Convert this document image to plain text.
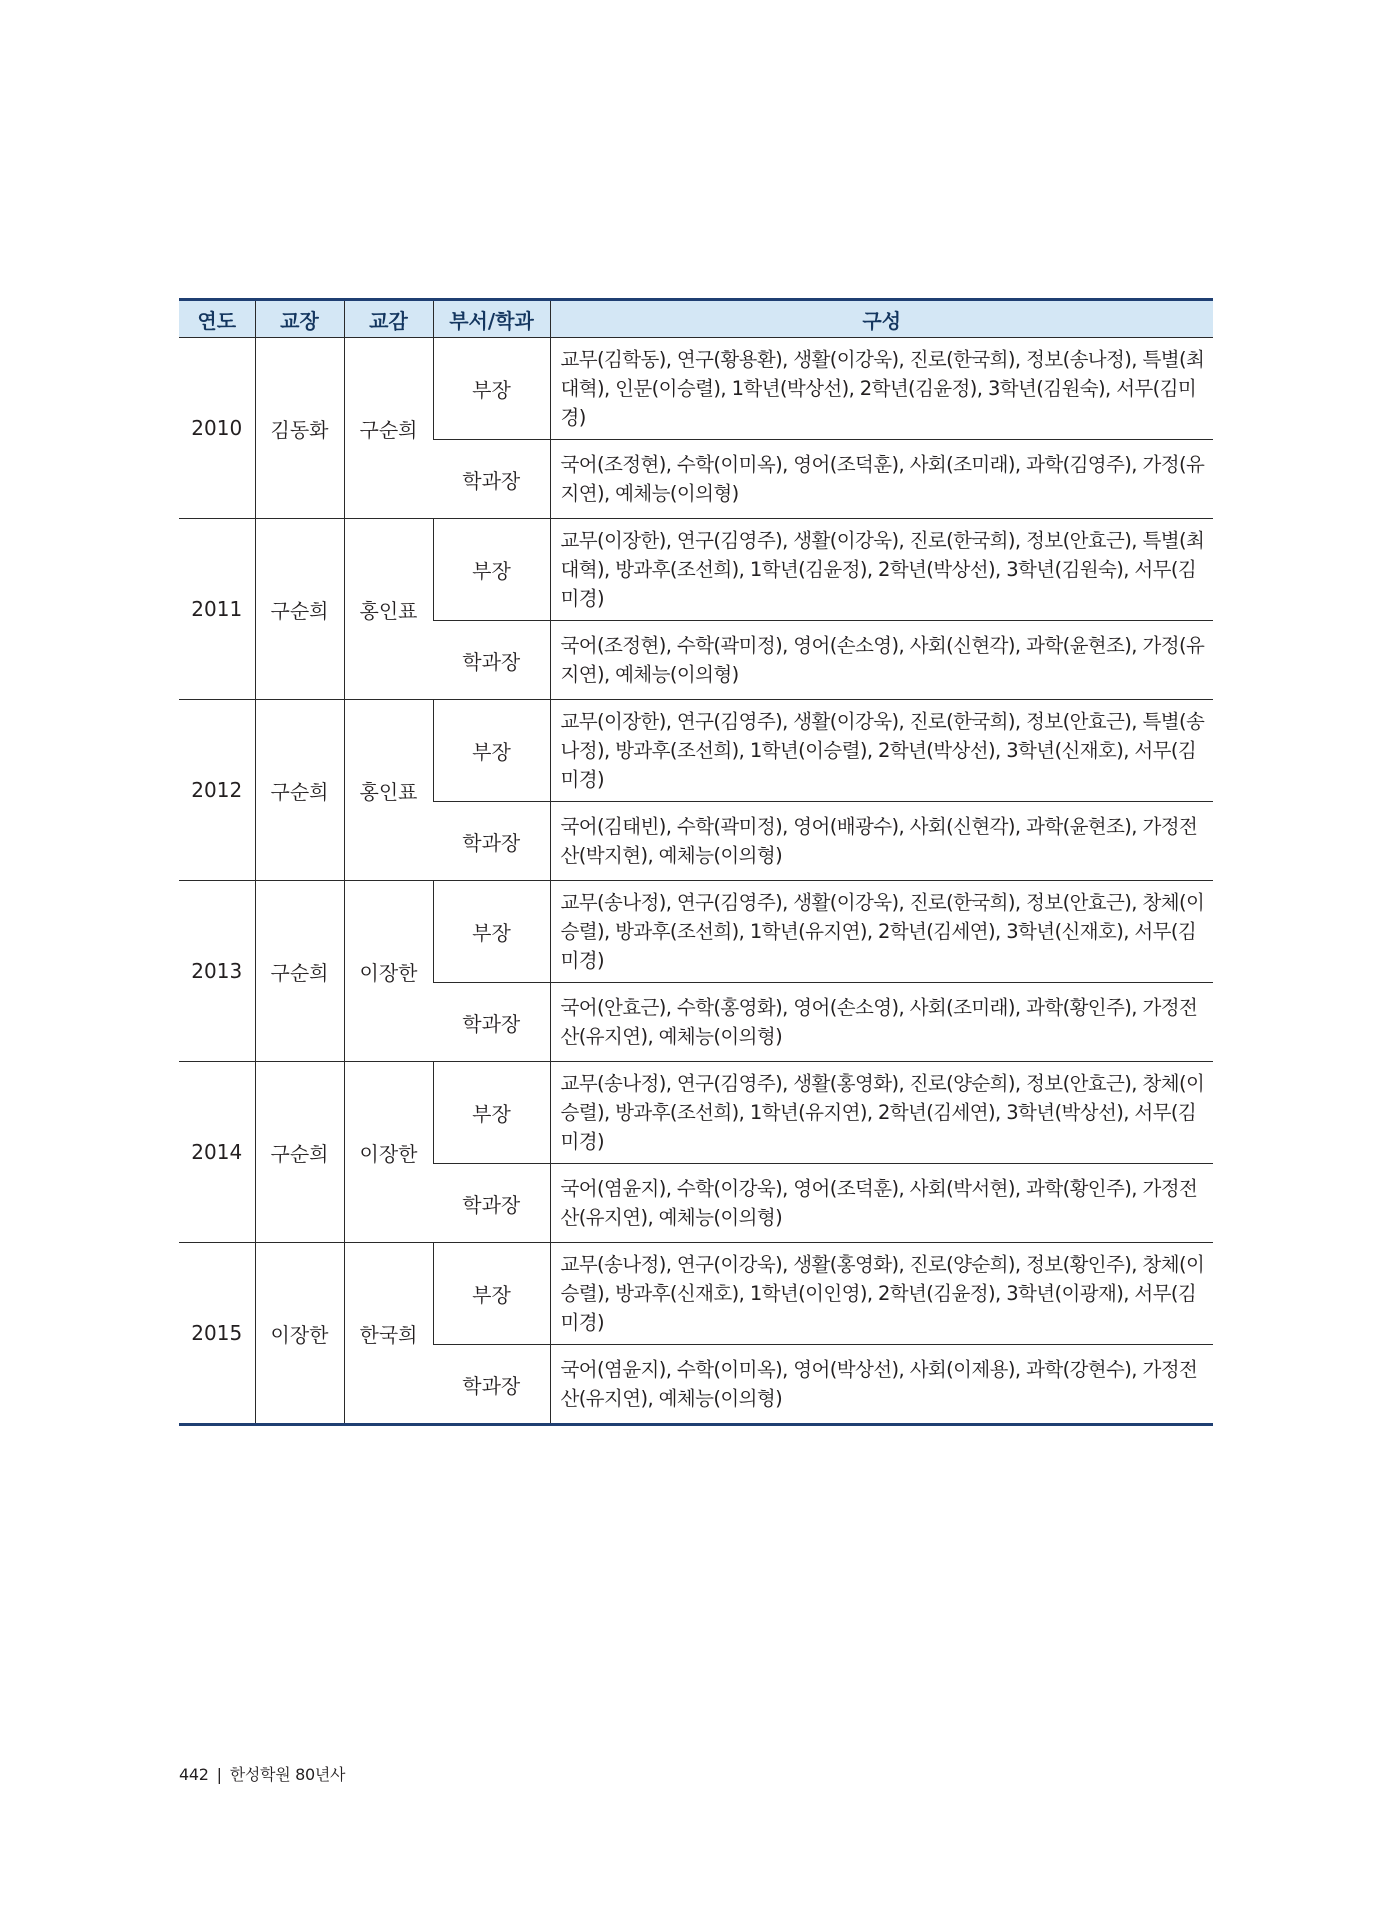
연도	교장	교감	부서/학과	구성
2010	김동화	구순희	부장	교무(김학동), 연구(황용환), 생활(이강욱), 진로(한국희), 정보(송나정), 특별(최대혁), 인문(이승렬), 1학년(박상선), 2학년(김윤정), 3학년(김원숙), 서무(김미경)
			학과장	국어(조정현), 수학(이미옥), 영어(조덕훈), 사회(조미래), 과학(김영주), 가정(유지연), 예체능(이의형)
2011	구순희	홍인표	부장	교무(이장한), 연구(김영주), 생활(이강욱), 진로(한국희), 정보(안효근), 특별(최대혁), 방과후(조선희), 1학년(김윤정), 2학년(박상선), 3학년(김원숙), 서무(김미경)
			학과장	국어(조정현), 수학(곽미정), 영어(손소영), 사회(신현각), 과학(윤현조), 가정(유지연), 예체능(이의형)
2012	구순희	홍인표	부장	교무(이장한), 연구(김영주), 생활(이강욱), 진로(한국희), 정보(안효근), 특별(송나정), 방과후(조선희), 1학년(이승렬), 2학년(박상선), 3학년(신재호), 서무(김미경)
			학과장	국어(김태빈), 수학(곽미정), 영어(배광수), 사회(신현각), 과학(윤현조), 가정전산(박지현), 예체능(이의형)
2013	구순희	이장한	부장	교무(송나정), 연구(김영주), 생활(이강욱), 진로(한국희), 정보(안효근), 창체(이승렬), 방과후(조선희), 1학년(유지연), 2학년(김세연), 3학년(신재호), 서무(김미경)
			학과장	국어(안효근), 수학(홍영화), 영어(손소영), 사회(조미래), 과학(황인주), 가정전산(유지연), 예체능(이의형)
2014	구순희	이장한	부장	교무(송나정), 연구(김영주), 생활(홍영화), 진로(양순희), 정보(안효근), 창체(이승렬), 방과후(조선희), 1학년(유지연), 2학년(김세연), 3학년(박상선), 서무(김미경)
			학과장	국어(염윤지), 수학(이강욱), 영어(조덕훈), 사회(박서현), 과학(황인주), 가정전산(유지연), 예체능(이의형)
2015	이장한	한국희	부장	교무(송나정), 연구(이강욱), 생활(홍영화), 진로(양순희), 정보(황인주), 창체(이승렬), 방과후(신재호), 1학년(이인영), 2학년(김윤정), 3학년(이광재), 서무(김미경)
			학과장	국어(염윤지), 수학(이미옥), 영어(박상선), 사회(이제용), 과학(강현수), 가정전산(유지연), 예체능(이의형)
442 | 한성학원 80년사
